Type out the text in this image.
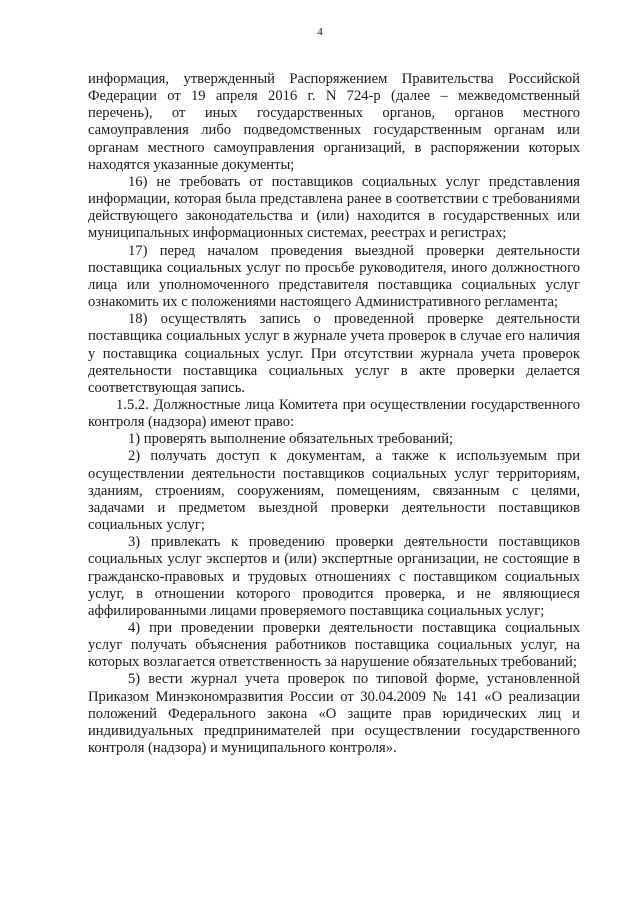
4

информация, утвержденный Распоряжением Правительства Российской Федерации от 19 апреля 2016 г. N 724-р (далее – межведомственный перечень), от иных государственных органов, органов местного самоуправления либо подведомственных государственным органам или органам местного самоуправления организаций, в распоряжении которых находятся указанные документы;

16) не требовать от поставщиков социальных услуг представления информации, которая была представлена ранее в соответствии с требованиями действующего законодательства и (или) находится в государственных или муниципальных информационных системах, реестрах и регистрах;

17) перед началом проведения выездной проверки деятельности поставщика социальных услуг по просьбе руководителя, иного должностного лица или уполномоченного представителя поставщика социальных услуг ознакомить их с положениями настоящего Административного регламента;

18) осуществлять запись о проведенной проверке деятельности поставщика социальных услуг в журнале учета проверок в случае его наличия у поставщика социальных услуг. При отсутствии журнала учета проверок деятельности поставщика социальных услуг в акте проверки делается соответствующая запись.

1.5.2. Должностные лица Комитета при осуществлении государственного контроля (надзора) имеют право:

1) проверять выполнение обязательных требований;

2) получать доступ к документам, а также к используемым при осуществлении деятельности поставщиков социальных услуг территориям, зданиям, строениям, сооружениям, помещениям, связанным с целями, задачами и предметом выездной проверки деятельности поставщиков социальных услуг;

3) привлекать к проведению проверки деятельности поставщиков социальных услуг экспертов и (или) экспертные организации, не состоящие в гражданско-правовых и трудовых отношениях с поставщиком социальных услуг, в отношении которого проводится проверка, и не являющиеся аффилированными лицами проверяемого поставщика социальных услуг;

4) при проведении проверки деятельности поставщика социальных услуг получать объяснения работников поставщика социальных услуг, на которых возлагается ответственность за нарушение обязательных требований;

5) вести журнал учета проверок по типовой форме, установленной Приказом Минэкономразвития России от 30.04.2009 № 141 «О реализации положений Федерального закона «О защите прав юридических лиц и индивидуальных предпринимателей при осуществлении государственного контроля (надзора) и муниципального контроля».
